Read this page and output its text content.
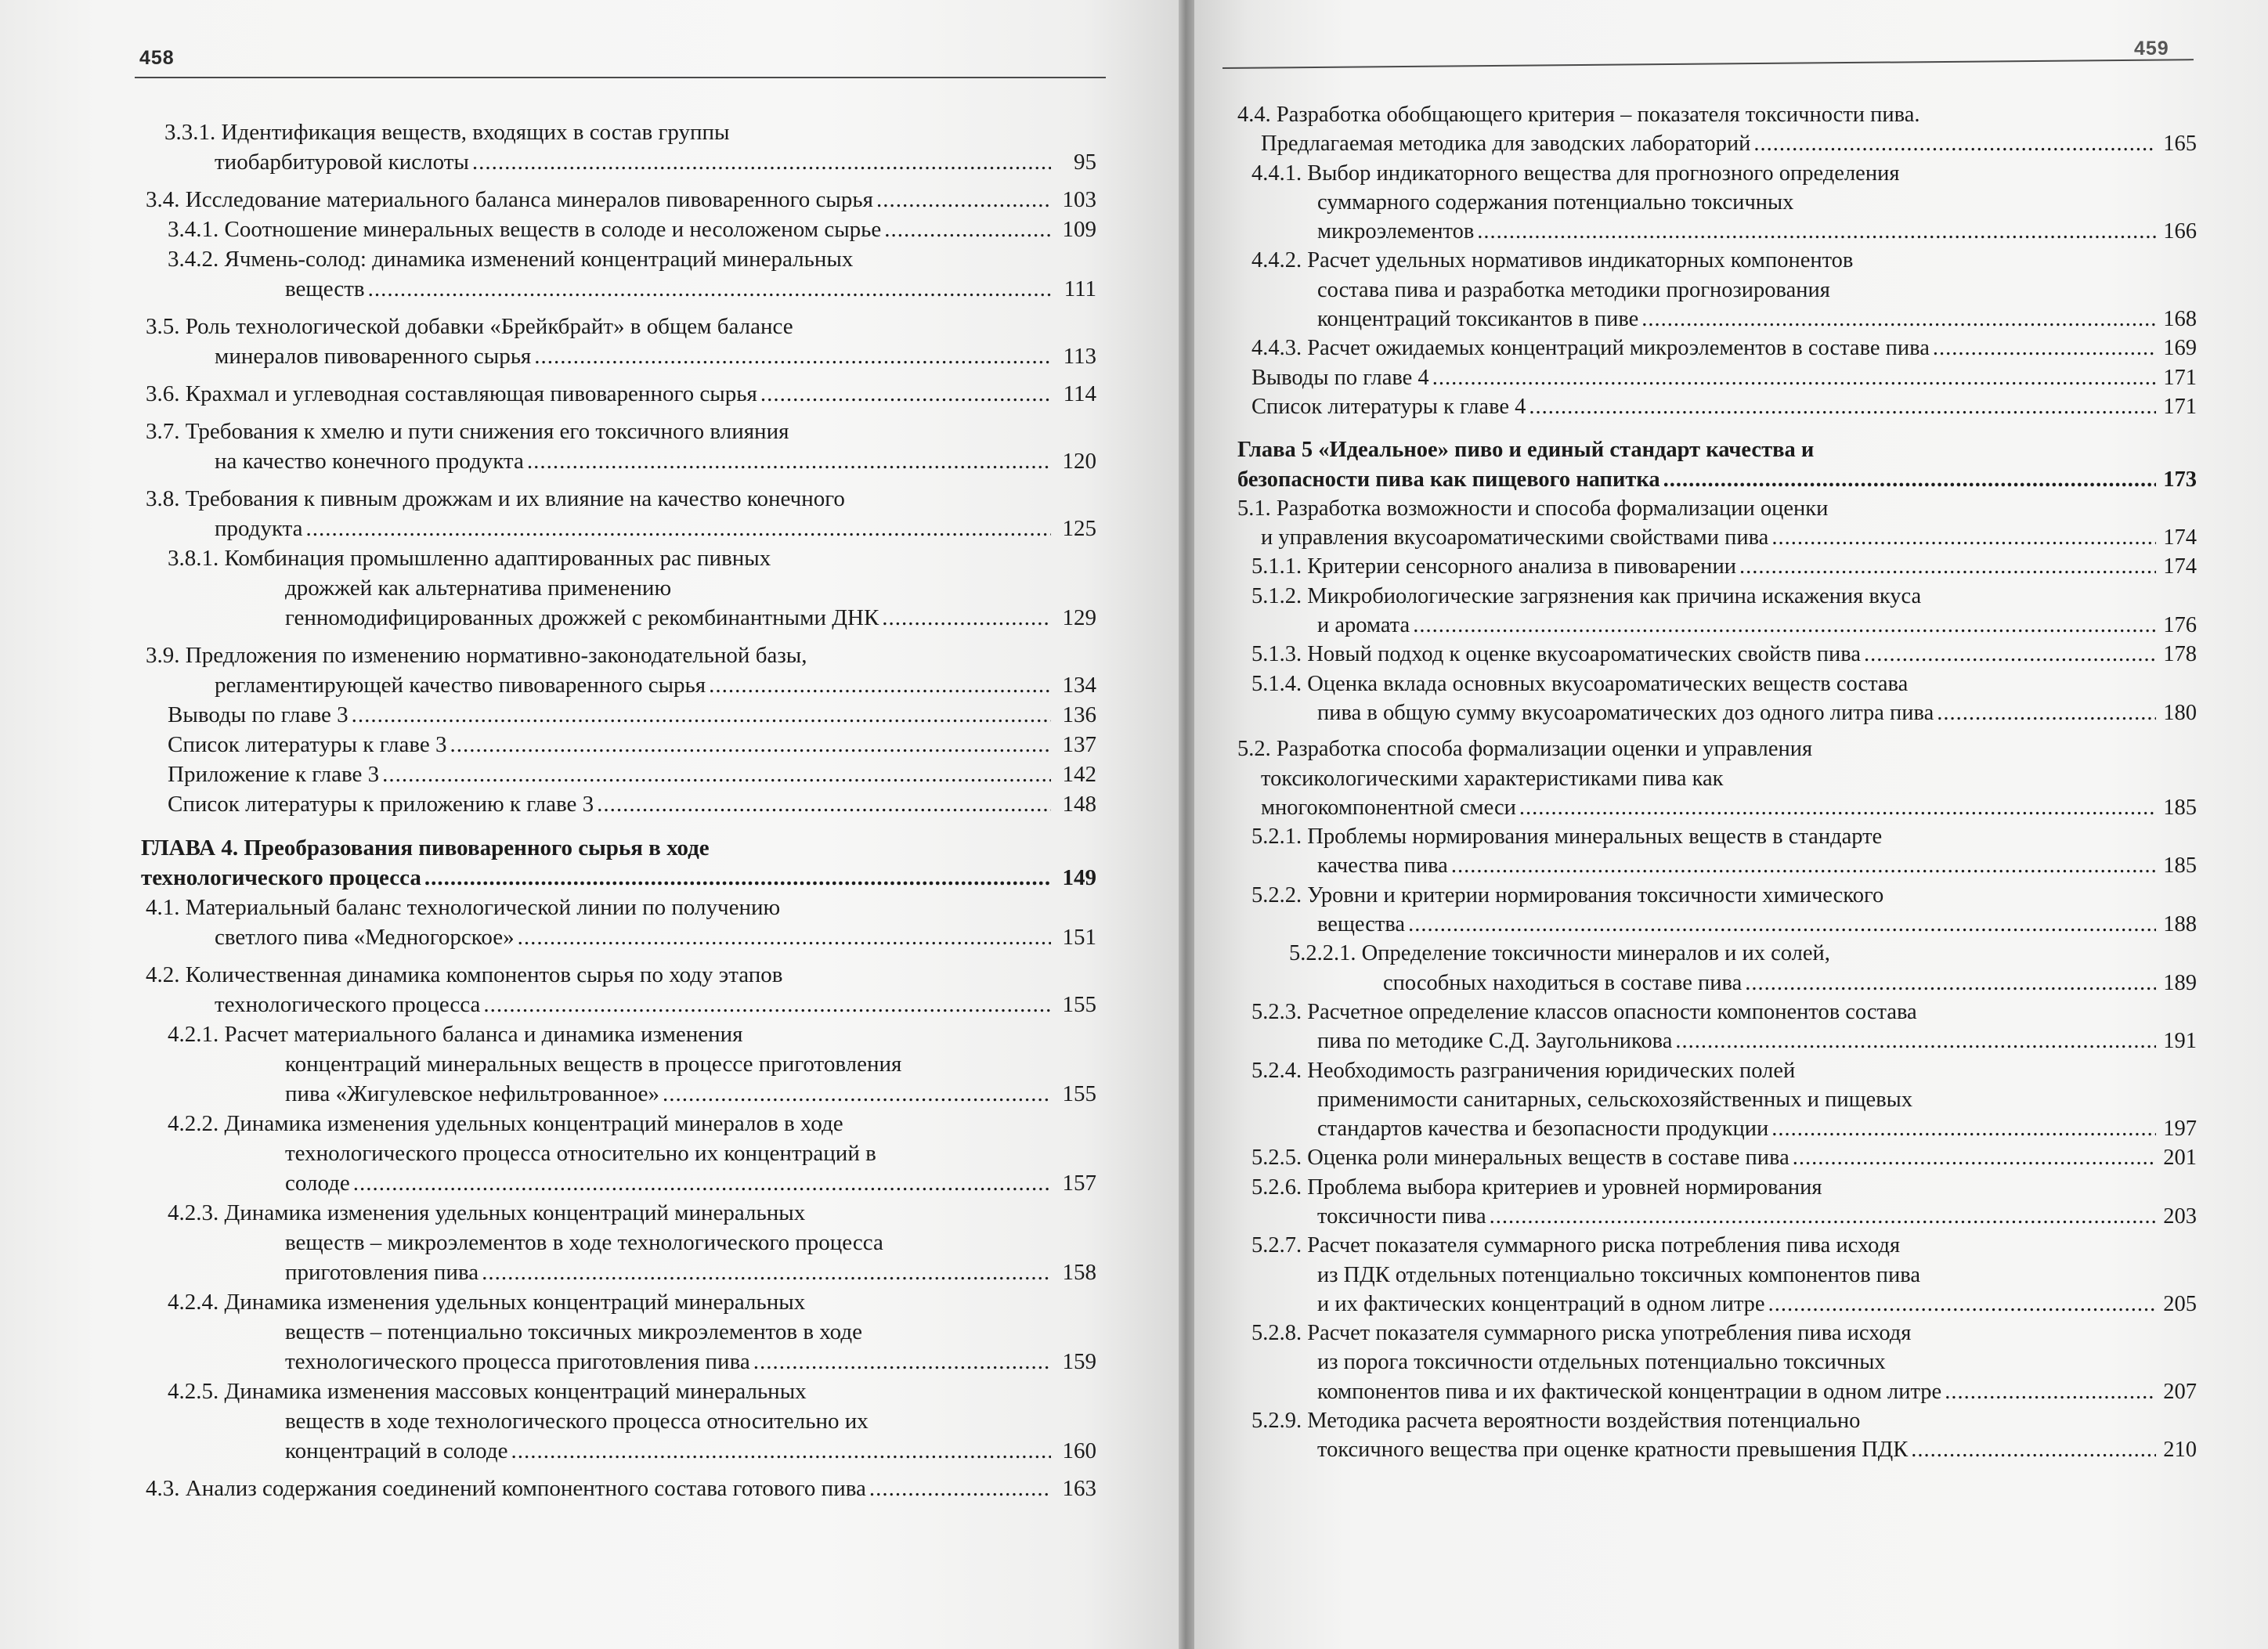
458
3.3.1.
Идентификация веществ, входящих в состав группы
тиобарбитуровой кислоты .....	95
3.4.
Исследование материального баланса минералов пивоваренного сырья .....	103
3.4.1.
Соотношение минеральных веществ в солоде и несоложеном сырье .....	109
3.4.2.
Ячмень-солод: динамика изменений концентраций минеральных
веществ .....	111
3.5.
Роль технологической добавки «Брейкбрайт» в общем балансе
минералов пивоваренного сырья .....	113
3.6.
Крахмал и углеводная составляющая пивоваренного сырья .....	114
3.7.
Требования к хмелю и пути снижения его токсичного влияния
на качество конечного продукта .....	120
3.8.
Требования к пивным дрожжам и их влияние на качество конечного
продукта .....	125
3.8.1.
Комбинация промышленно адаптированных рас пивных
дрожжей как альтернатива применению
генномодифицированных дрожжей с рекомбинантными ДНК .....	129
3.9.
Предложения по изменению нормативно-законодательной базы,
регламентирующей качество пивоваренного сырья .....	134
Выводы по главе 3 .....	136
Список литературы к главе 3 .....	137
Приложение к главе 3 .....	142
Список литературы к приложению к главе 3 .....	148
ГЛАВА 4. Преобразования пивоваренного сырья в ходе
технологического процесса .....	149
4.1.
Материальный баланс технологической линии по получению
светлого пива «Медногорское» .....	151
4.2.
Количественная динамика компонентов сырья по ходу этапов
технологического процесса .....	155
4.2.1.
Расчет материального баланса и динамика изменения
концентраций минеральных веществ в процессе приготовления
пива «Жигулевское нефильтрованное» .....	155
4.2.2.
Динамика изменения удельных концентраций минералов в ходе
технологического процесса относительно их концентраций в
солоде .....	157
4.2.3.
Динамика изменения удельных концентраций минеральных
веществ – микроэлементов в ходе технологического процесса
приготовления пива .....	158
4.2.4.
Динамика изменения удельных концентраций минеральных
веществ – потенциально токсичных микроэлементов в ходе
технологического процесса приготовления пива .....	159
4.2.5.
Динамика изменения массовых концентраций минеральных
веществ в ходе технологического процесса относительно их
концентраций в солоде .....	160
4.3.
Анализ содержания соединений компонентного состава готового пива .....	163
459
4.4.
Разработка обобщающего критерия – показателя токсичности пива.
Предлагаемая методика для заводских лабораторий .....	165
4.4.1.
Выбор индикаторного вещества для прогнозного определения
суммарного содержания потенциально токсичных
микроэлементов .....	166
4.4.2.
Расчет удельных нормативов индикаторных компонентов
состава пива и разработка методики прогнозирования
концентраций токсикантов в пиве .....	168
4.4.3.
Расчет ожидаемых концентраций микроэлементов в составе пива .....	169
Выводы по главе 4 .....	171
Список литературы к главе 4 .....	171
Глава 5 «Идеальное» пиво и единый стандарт качества и
безопасности пива как пищевого напитка .....	173
5.1.
Разработка возможности и способа формализации оценки
и управления вкусоароматическими свойствами пива .....	174
5.1.1.
Критерии сенсорного анализа в пивоварении .....	174
5.1.2.
Микробиологические загрязнения как причина искажения вкуса
и аромата .....	176
5.1.3.
Новый подход к оценке вкусоароматических свойств пива .....	178
5.1.4.
Оценка вклада основных вкусоароматических веществ состава
пива в общую сумму вкусоароматических доз одного литра пива .....	180
5.2.
Разработка способа формализации оценки и управления
токсикологическими характеристиками пива как
многокомпонентной смеси .....	185
5.2.1.
Проблемы нормирования минеральных веществ в стандарте
качества пива .....	185
5.2.2.
Уровни и критерии нормирования токсичности химического
вещества .....	188
5.2.2.1.
Определение токсичности минералов и их солей,
способных находиться в составе пива .....	189
5.2.3.
Расчетное определение классов опасности компонентов состава
пива по методике С.Д. Заугольникова .....	191
5.2.4.
Необходимость разграничения юридических полей
применимости санитарных, сельскохозяйственных и пищевых
стандартов качества и безопасности продукции .....	197
5.2.5.
Оценка роли минеральных веществ в составе пива .....	201
5.2.6.
Проблема выбора критериев и уровней нормирования
токсичности пива .....	203
5.2.7.
Расчет показателя суммарного риска потребления пива исходя
из ПДК отдельных потенциально токсичных компонентов пива
и их фактических концентраций в одном литре .....	205
5.2.8.
Расчет показателя суммарного риска употребления пива исходя
из порога токсичности отдельных потенциально токсичных
компонентов пива и их фактической концентрации в одном литре .....	207
5.2.9.
Методика расчета вероятности воздействия потенциально
токсичного вещества при оценке кратности превышения ПДК .....	210
